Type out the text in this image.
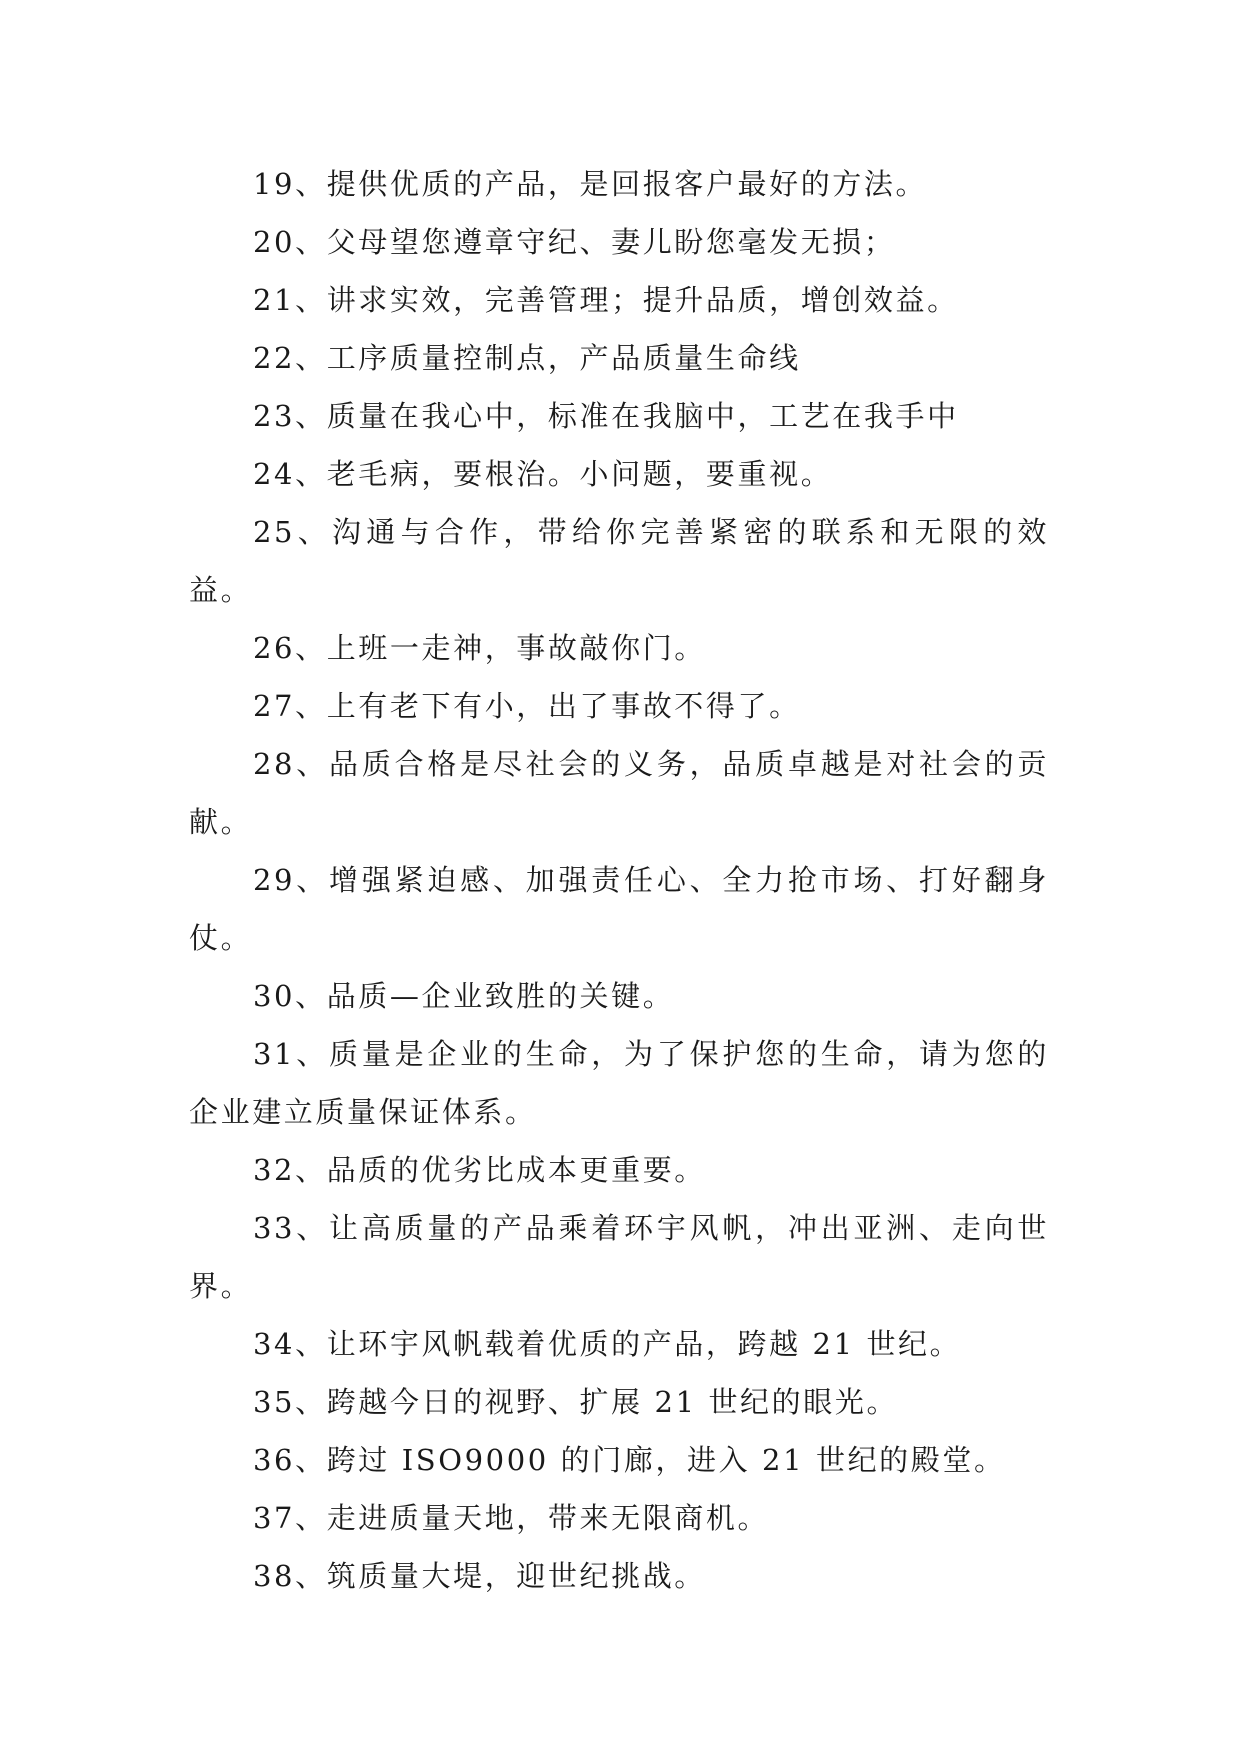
19、提供优质的产品，是回报客户最好的方法。

20、父母望您遵章守纪、妻儿盼您毫发无损；

21、讲求实效，完善管理；提升品质，增创效益。

22、工序质量控制点，产品质量生命线

23、质量在我心中，标准在我脑中，工艺在我手中

24、老毛病，要根治。小问题，要重视。

25、沟通与合作，带给你完善紧密的联系和无限的效益。

26、上班一走神，事故敲你门。

27、上有老下有小，出了事故不得了。

28、品质合格是尽社会的义务，品质卓越是对社会的贡献。

29、增强紧迫感、加强责任心、全力抢市场、打好翻身仗。

30、品质—企业致胜的关键。

31、质量是企业的生命，为了保护您的生命，请为您的企业建立质量保证体系。

32、品质的优劣比成本更重要。

33、让高质量的产品乘着环宇风帆，冲出亚洲、走向世界。

34、让环宇风帆载着优质的产品，跨越 21 世纪。

35、跨越今日的视野、扩展 21 世纪的眼光。

36、跨过 ISO9000 的门廊，进入 21 世纪的殿堂。

37、走进质量天地，带来无限商机。

38、筑质量大堤，迎世纪挑战。
